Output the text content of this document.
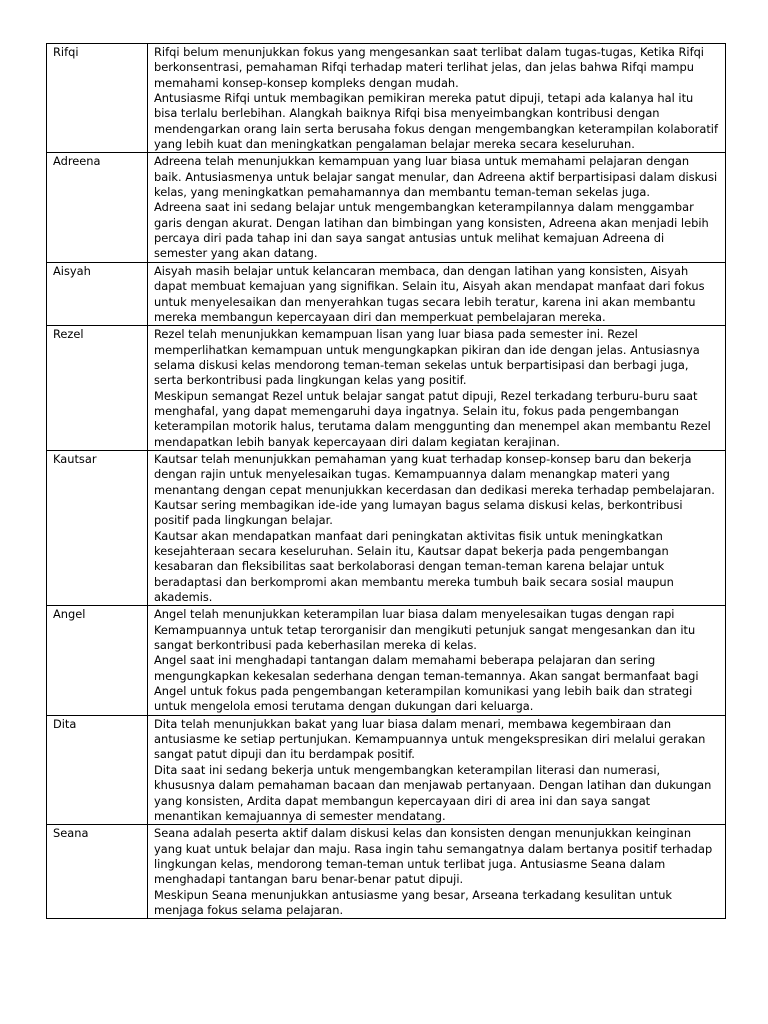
Rifqi	Rifqi belum menunjukkan fokus yang mengesankan saat terlibat dalam tugas-tugas, Ketika Rifqi berkonsentrasi, pemahaman Rifqi terhadap materi terlihat jelas, dan jelas bahwa Rifqi mampu memahami konsep-konsep kompleks dengan mudah.
Antusiasme Rifqi untuk membagikan pemikiran mereka patut dipuji, tetapi ada kalanya hal itu bisa terlalu berlebihan. Alangkah baiknya Rifqi bisa menyeimbangkan kontribusi dengan mendengarkan orang lain serta berusaha fokus dengan mengembangkan keterampilan kolaboratif yang lebih kuat dan meningkatkan pengalaman belajar mereka secara keseluruhan.

Adreena	Adreena telah menunjukkan kemampuan yang luar biasa untuk memahami pelajaran dengan baik. Antusiasmenya untuk belajar sangat menular, dan Adreena aktif berpartisipasi dalam diskusi kelas, yang meningkatkan pemahamannya dan membantu teman-teman sekelas juga.
Adreena saat ini sedang belajar untuk mengembangkan keterampilannya dalam menggambar garis dengan akurat. Dengan latihan dan bimbingan yang konsisten, Adreena akan menjadi lebih percaya diri pada tahap ini dan saya sangat antusias untuk melihat kemajuan Adreena di semester yang akan datang.

Aisyah	Aisyah masih belajar untuk kelancaran membaca, dan dengan latihan yang konsisten, Aisyah dapat membuat kemajuan yang signifikan. Selain itu, Aisyah akan mendapat manfaat dari fokus untuk menyelesaikan dan menyerahkan tugas secara lebih teratur, karena ini akan membantu mereka membangun kepercayaan diri dan memperkuat pembelajaran mereka.

Rezel	Rezel telah menunjukkan kemampuan lisan yang luar biasa pada semester ini. Rezel memperlihatkan kemampuan untuk mengungkapkan pikiran dan ide dengan jelas. Antusiasnya selama diskusi kelas mendorong teman-teman sekelas untuk berpartisipasi dan berbagi juga, serta berkontribusi pada lingkungan kelas yang positif.
Meskipun semangat Rezel untuk belajar sangat patut dipuji, Rezel terkadang terburu-buru saat menghafal, yang dapat memengaruhi daya ingatnya. Selain itu, fokus pada pengembangan keterampilan motorik halus, terutama dalam menggunting dan menempel akan membantu Rezel mendapatkan lebih banyak kepercayaan diri dalam kegiatan kerajinan.

Kautsar	Kautsar telah menunjukkan pemahaman yang kuat terhadap konsep-konsep baru dan bekerja dengan rajin untuk menyelesaikan tugas. Kemampuannya dalam menangkap materi yang menantang dengan cepat menunjukkan kecerdasan dan dedikasi mereka terhadap pembelajaran. Kautsar sering membagikan ide-ide yang lumayan bagus selama diskusi kelas, berkontribusi positif pada lingkungan belajar.
Kautsar akan mendapatkan manfaat dari peningkatan aktivitas fisik untuk meningkatkan kesejahteraan secara keseluruhan. Selain itu, Kautsar dapat bekerja pada pengembangan kesabaran dan fleksibilitas saat berkolaborasi dengan teman-teman karena belajar untuk beradaptasi dan berkompromi akan membantu mereka tumbuh baik secara sosial maupun akademis.

Angel	Angel telah menunjukkan keterampilan luar biasa dalam menyelesaikan tugas dengan rapi Kemampuannya untuk tetap terorganisir dan mengikuti petunjuk sangat mengesankan dan itu sangat berkontribusi pada keberhasilan mereka di kelas.
Angel saat ini menghadapi tantangan dalam memahami beberapa pelajaran dan sering mengungkapkan kekesalan sederhana dengan teman-temannya. Akan sangat bermanfaat bagi Angel untuk fokus pada pengembangan keterampilan komunikasi yang lebih baik dan strategi untuk mengelola emosi terutama dengan dukungan dari keluarga.

Dita	Dita telah menunjukkan bakat yang luar biasa dalam menari, membawa kegembiraan dan antusiasme ke setiap pertunjukan. Kemampuannya untuk mengekspresikan diri melalui gerakan sangat patut dipuji dan itu berdampak positif.
Dita saat ini sedang bekerja untuk mengembangkan keterampilan literasi dan numerasi, khususnya dalam pemahaman bacaan dan menjawab pertanyaan. Dengan latihan dan dukungan yang konsisten, Ardita dapat membangun kepercayaan diri di area ini dan saya sangat menantikan kemajuannya di semester mendatang.

Seana	Seana adalah peserta aktif dalam diskusi kelas dan konsisten dengan menunjukkan keinginan yang kuat untuk belajar dan maju. Rasa ingin tahu semangatnya dalam bertanya positif terhadap lingkungan kelas, mendorong teman-teman untuk terlibat juga. Antusiasme Seana dalam menghadapi tantangan baru benar-benar patut dipuji.
Meskipun Seana menunjukkan antusiasme yang besar, Arseana terkadang kesulitan untuk menjaga fokus selama pelajaran.
